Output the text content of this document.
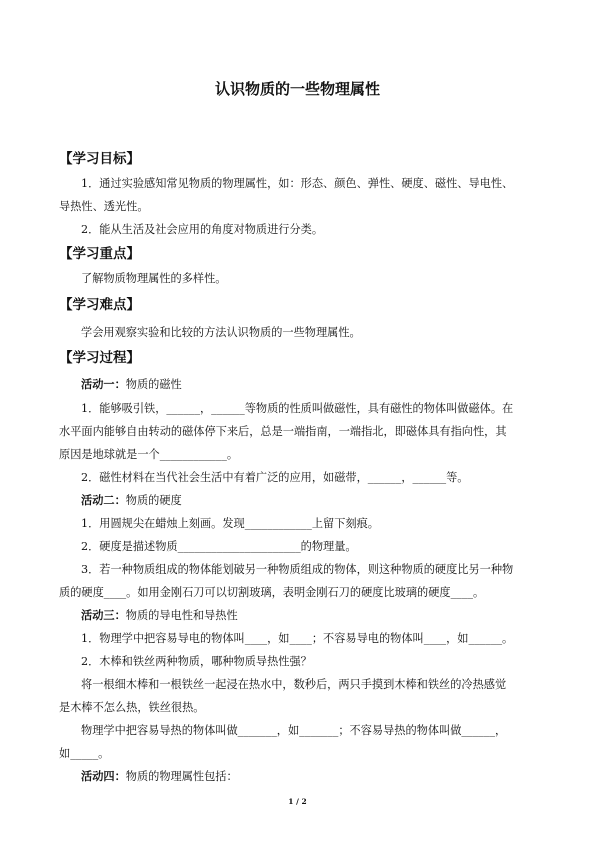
认识物质的一些物理属性
【学习目标】
1．通过实验感知常见物质的物理属性，如：形态、颜色、弹性、硬度、磁性、导电性、
导热性、透光性。
2．能从生活及社会应用的角度对物质进行分类。
【学习重点】
了解物质物理属性的多样性。
【学习难点】
学会用观察实验和比较的方法认识物质的一些物理属性。
【学习过程】
活动一：物质的磁性
1．能够吸引铁，______，______等物质的性质叫做磁性，具有磁性的物体叫做磁体。在
水平面内能够自由转动的磁体停下来后，总是一端指南，一端指北，即磁体具有指向性，其
原因是地球就是一个____________。
2．磁性材料在当代社会生活中有着广泛的应用，如磁带，______，______等。
活动二：物质的硬度
1．用圆规尖在蜡烛上刻画。发现____________上留下刻痕。
2．硬度是描述物质______________________的物理量。
3．若一种物质组成的物体能划破另一种物质组成的物体，则这种物质的硬度比另一种物
质的硬度____。如用金刚石刀可以切割玻璃，表明金刚石刀的硬度比玻璃的硬度____。
活动三：物质的导电性和导热性
1．物理学中把容易导电的物体叫____，如____；不容易导电的物体叫____，如______。
2．木棒和铁丝两种物质，哪种物质导热性强？
将一根细木棒和一根铁丝一起浸在热水中，数秒后，两只手摸到木棒和铁丝的冷热感觉
是木棒不怎么热，铁丝很热。
物理学中把容易导热的物体叫做_______，如_______；不容易导热的物体叫做______，
如_____。
活动四：物质的物理属性包括：
1 / 2
